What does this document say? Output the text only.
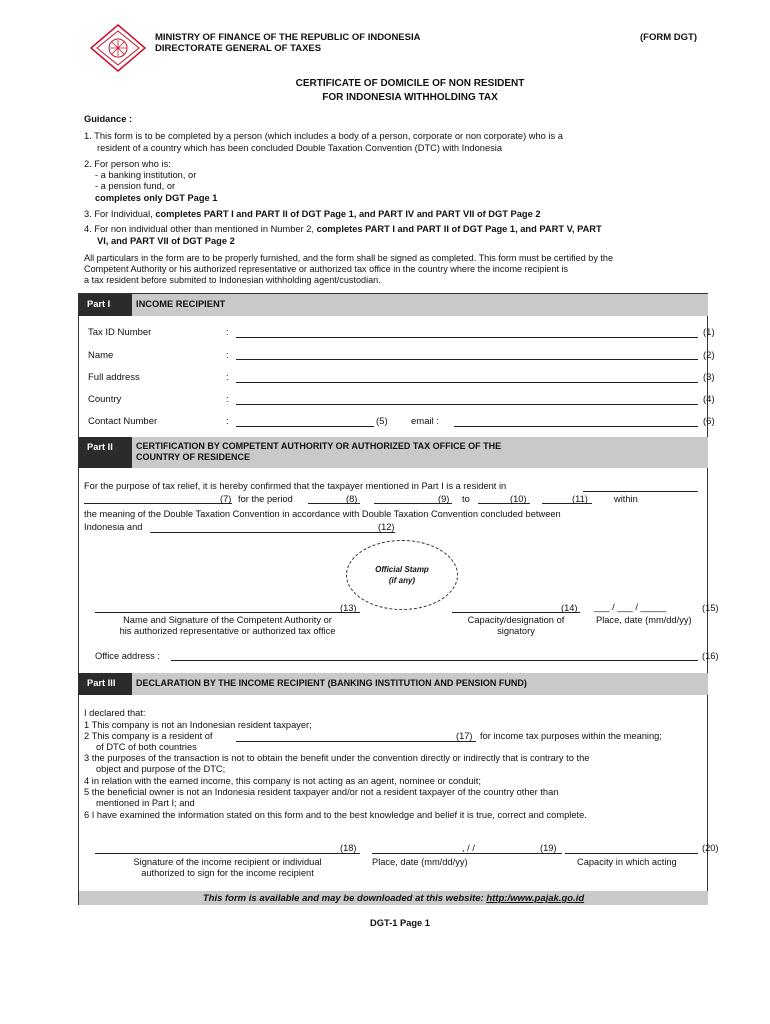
MINISTRY OF FINANCE OF THE REPUBLIC OF INDONESIA
DIRECTORATE GENERAL OF TAXES
(FORM DGT)
CERTIFICATE OF DOMICILE OF NON RESIDENT
FOR INDONESIA WITHHOLDING TAX
Guidance :
1. This form is to be completed by a person (which includes a body of a person, corporate or non corporate) who is a
resident of a country which has been concluded Double Taxation Convention (DTC) with Indonesia
2. For person who is:
- a banking institution, or
- a pension fund, or
completes only DGT Page 1
3. For Individual, completes PART I and PART II of DGT Page 1, and PART IV and PART VII of DGT Page 2
4. For non individual other than mentioned in Number 2, completes PART I and PART II of DGT Page 1, and PART V, PART
VI, and PART VII of DGT Page 2
All particulars in the form are to be properly furnished, and the form shall be signed as completed. This form must be certified by the
Competent Authority or his authorized representative or authorized tax office in the country where the income recipient is
a tax resident before submited to Indonesian withholding agent/custodian.
Part I	INCOME RECIPIENT
Tax ID Number	:	(1)
Name	:	(2)
Full address	:	(3)
Country	:	(4)
Contact Number	:	(5) email :	(6)
Part II	CERTIFICATION BY COMPETENT AUTHORITY OR AUTHORIZED TAX OFFICE OF THE
COUNTRY OF RESIDENCE
For the purpose of tax relief, it is hereby confirmed that the taxpayer mentioned in Part I is a resident in
(7) for the period	(8)	(9) to	(10)	(11)	within
the meaning of the Double Taxation Convention in accordance with Double Taxation Convention concluded between
Indonesia and	(12)
Official Stamp
(if any)
(13)	(14) ___ / ___ / _____	(15)
Name and Signature of the Competent Authority or
his authorized representative or authorized tax office
Capacity/designation of
signatory
Place, date (mm/dd/yy)
Office address :	(16)
Part III DECLARATION BY THE INCOME RECIPIENT (BANKING INSTITUTION AND PENSION FUND)
I declared that:
1 This company is not an Indonesian resident taxpayer;
2 This company is a resident of	(17) for income tax purposes within the meaning;
of DTC of both countries
3 the purposes of the transaction is not to obtain the benefit under the convention directly or indirectly that is contrary to the
object and purpose of the DTC;
4 in relation with the earned income, this company is not acting as an agent, nominee or conduit;
5 the beneficial owner is not an Indonesia resident taxpayer and/or not a resident taxpayer of the country other than
mentioned in Part I; and
6 I have examined the information stated on this form and to the best knowledge and belief it is true, correct and complete.
(18)	, / /	(19)	(20)
Signature of the income recipient or individual
authorized to sign for the income recipient
Place, date (mm/dd/yy)	Capacity in which acting
This form is available and may be downloaded at this website: http:/www.pajak.go.id
DGT-1 Page 1
